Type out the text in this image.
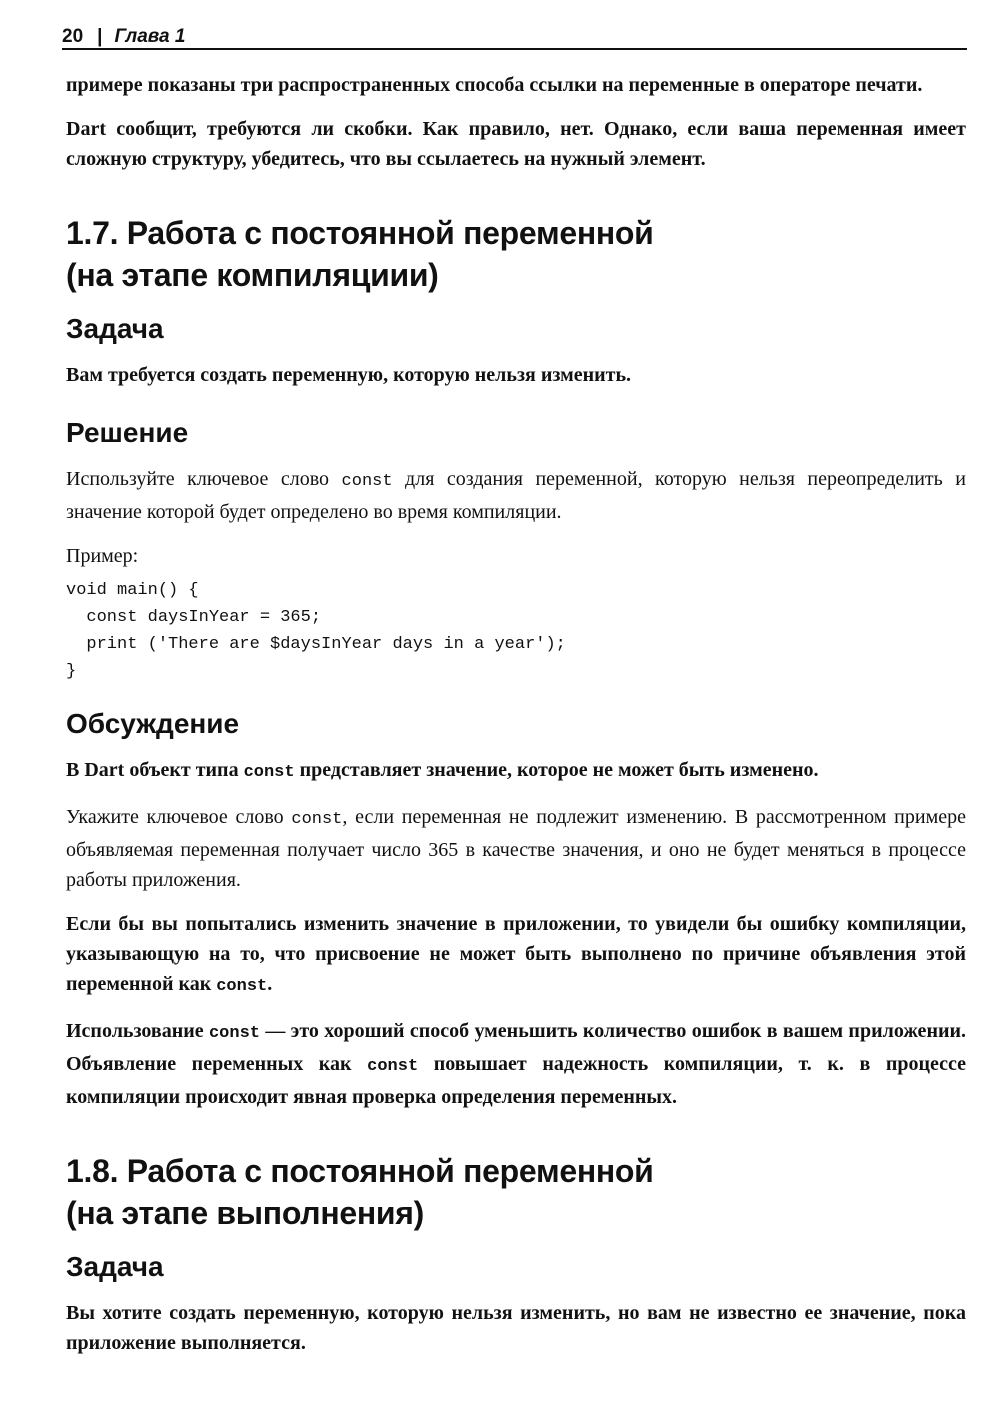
20 | Глава 1

примере показаны три распространенных способа ссылки на переменные в операторе печати.

Dart сообщит, требуются ли скобки. Как правило, нет. Однако, если ваша переменная имеет сложную структуру, убедитесь, что вы ссылаетесь на нужный элемент.

1.7. Работа с постоянной переменной
(на этапе компиляциии)
Задача

Вам требуется создать переменную, которую нельзя изменить.

Решение

Используйте ключевое слово const для создания переменной, которую нельзя переопределить и значение которой будет определено во время компиляции.

Пример:

void main() {
const daysInYear = 365;
print ('There are $daysInYear days in a year');
}
Обсуждение

В Dart объект типа const представляет значение, которое не может быть изменено.

Укажите ключевое слово const, если переменная не подлежит изменению. В рассмотренном примере объявляемая переменная получает число 365 в качестве значения, и оно не будет меняться в процессе работы приложения.

Если бы вы попытались изменить значение в приложении, то увидели бы ошибку компиляции, указывающую на то, что присвоение не может быть выполнено по причине объявления этой переменной как const.

Использование const — это хороший способ уменьшить количество ошибок в вашем приложении. Объявление переменных как const повышает надежность компиляции, т. к. в процессе компиляции происходит явная проверка определения переменных.

1.8. Работа с постоянной переменной
(на этапе выполнения)
Задача

Вы хотите создать переменную, которую нельзя изменить, но вам не известно ее значение, пока приложение выполняется.
